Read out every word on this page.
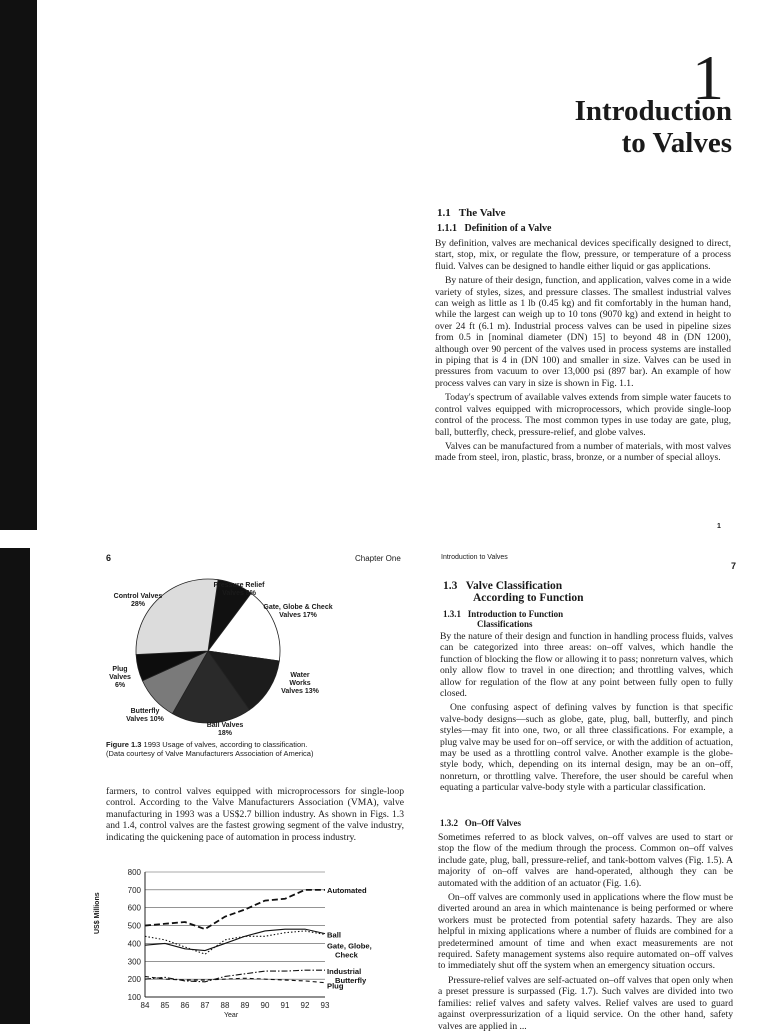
1
Introduction
to Valves
1.1   The Valve
1.1.1   Definition of a Valve

By definition, valves are mechanical devices specifically designed to direct, start, stop, mix, or regulate the flow, pressure, or temperature of a process fluid. Valves can be designed to handle either liquid or gas applications.

By nature of their design, function, and application, valves come in a wide variety of styles, sizes, and pressure classes. The smallest industrial valves can weigh as little as 1 lb (0.45 kg) and fit comfortably in the human hand, while the largest can weigh up to 10 tons (9070 kg) and extend in height to over 24 ft (6.1 m). Industrial process valves can be used in pipeline sizes from 0.5 in [nominal diameter (DN) 15] to beyond 48 in (DN 1200), although over 90 percent of the valves used in process systems are installed in piping that is 4 in (DN 100) and smaller in size. Valves can be used in pressures from vacuum to over 13,000 psi (897 bar). An example of how process valves can vary in size is shown in Fig. 1.1.

Today's spectrum of available valves extends from simple water faucets to control valves equipped with microprocessors, which provide single-loop control of the process. The most common types in use today are gate, plug, ball, butterfly, check, pressure-relief, and globe valves.

Valves can be manufactured from a number of materials, with most valves made from steel, iron, plastic, brass, bronze, or a number of special alloys.

1
6	Chapter One
Pressure Relief Valves 8%
Gate, Globe & Check Valves 17%
Water Works Valves 13%
Ball Valves 18%
Butterfly Valves 10%
Plug Valves 6%
Control Valves 28%
Figure 1.3 1993 Usage of valves, according to classification. (Data courtesy of Valve Manufacturers Association of America)
farmers, to control valves equipped with microprocessors for single-loop control. According to the Valve Manufacturers Association (VMA), valve manufacturing in 1993 was a US$2.7 billion industry. As shown in Figs. 1.3 and 1.4, control valves are the fastest growing segment of the valve industry, indicating the quickening pace of automation in process industry.
100
200
300
400
500
600
700
800
84 85 86 87 88 89 90 91 92 93
Automated
Ball
Gate, Globe, Check
Industrial Butterfly
Plug
US$ Millions
Year
Introduction to Valves
7
1.3   Valve Classification
According to Function
1.3.1   Introduction to Function
Classifications

By the nature of their design and function in handling process fluids, valves can be categorized into three areas: on–off valves, which handle the function of blocking the flow or allowing it to pass; nonreturn valves, which only allow flow to travel in one direction; and throttling valves, which allow for regulation of the flow at any point between fully open to fully closed.

One confusing aspect of defining valves by function is that specific valve-body designs—such as globe, gate, plug, ball, butterfly, and pinch styles—may fit into one, two, or all three classifications. For example, a plug valve may be used for on–off service, or with the addition of actuation, may be used as a throttling control valve. Another example is the globe-style body, which, depending on its internal design, may be an on–off, nonreturn, or throttling valve. Therefore, the user should be careful when equating a particular valve-body style with a particular classification.

1.3.2   On–Off Valves

Sometimes referred to as block valves, on–off valves are used to start or stop the flow of the medium through the process. Common on–off valves include gate, plug, ball, pressure-relief, and tank-bottom valves (Fig. 1.5). A majority of on–off valves are hand-operated, although they can be automated with the addition of an actuator (Fig. 1.6).

On–off valves are commonly used in applications where the flow must be diverted around an area in which maintenance is being performed or where workers must be protected from potential safety hazards. They are also helpful in mixing applications where a number of fluids are combined for a predetermined amount of time and when exact measurements are not required. Safety management systems also require automated on–off valves to immediately shut off the system when an emergency situation occurs.

Pressure-relief valves are self-actuated on–off valves that open only when a preset pressure is surpassed (Fig. 1.7). Such valves are divided into two families: relief valves and safety valves. Relief valves are used to guard against overpressurization of a liquid service. On the other hand, safety valves are applied in ...
